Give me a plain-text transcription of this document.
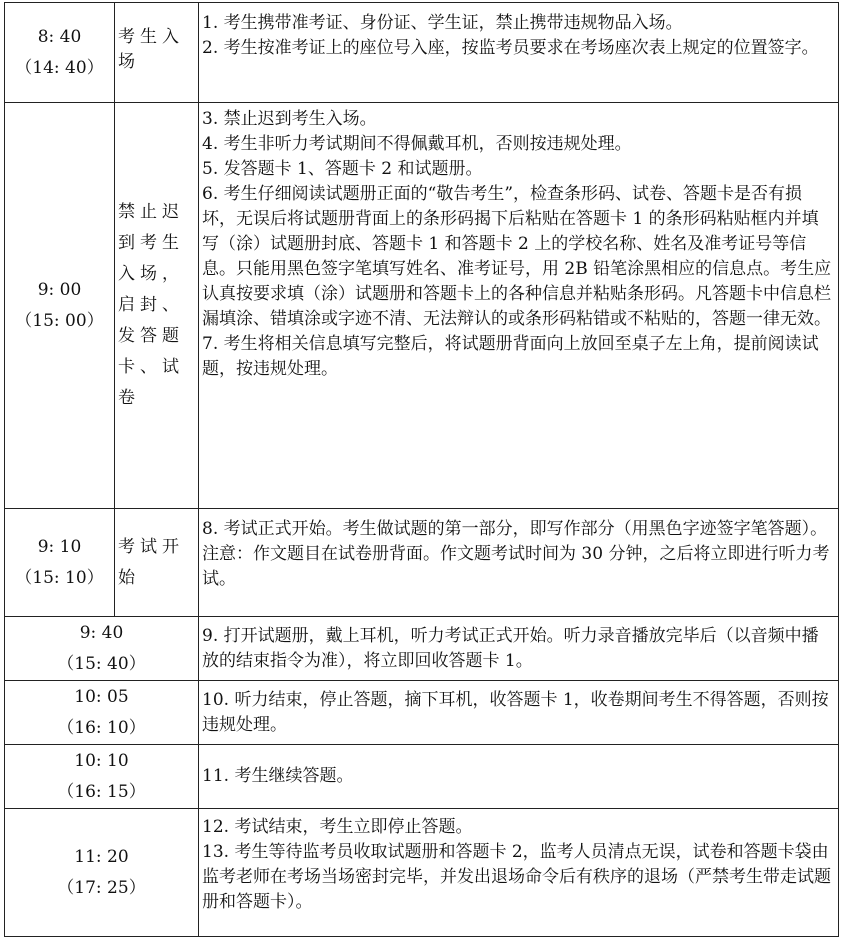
8: 40
（14: 40）	考生入场	1. 考生携带准考证、身份证、学生证，禁止携带违规物品入场。
2. 考生按准考证上的座位号入座，按监考员要求在考场座次表上规定的位置签字。

9: 00
（15: 00）	禁止迟到考生入场，启封、发答题卡、试卷	3. 禁止迟到考生入场。
4. 考生非听力考试期间不得佩戴耳机，否则按违规处理。
5. 发答题卡 1、答题卡 2 和试题册。
6. 考生仔细阅读试题册正面的“敬告考生”，检查条形码、试卷、答题卡是否有损坏，无误后将试题册背面上的条形码揭下后粘贴在答题卡 1 的条形码粘贴框内并填写（涂）试题册封底、答题卡 1 和答题卡 2 上的学校名称、姓名及准考证号等信息。只能用黑色签字笔填写姓名、准考证号，用 2B 铅笔涂黑相应的信息点。考生应认真按要求填（涂）试题册和答题卡上的各种信息并粘贴条形码。凡答题卡中信息栏漏填涂、错填涂或字迹不清、无法辩认的或条形码粘错或不粘贴的，答题一律无效。
7. 考生将相关信息填写完整后，将试题册背面向上放回至桌子左上角，提前阅读试题，按违规处理。

9: 10
（15: 10）	考试开始	8. 考试正式开始。考生做试题的第一部分，即写作部分（用黑色字迹签字笔答题）。注意：作文题目在试卷册背面。作文题考试时间为 30 分钟，之后将立即进行听力考试。

9: 40
（15: 40）		9. 打开试题册，戴上耳机，听力考试正式开始。听力录音播放完毕后（以音频中播放的结束指令为准），将立即回收答题卡 1。

10: 05
（16: 10）		10. 听力结束，停止答题，摘下耳机，收答题卡 1，收卷期间考生不得答题，否则按违规处理。

10: 10
（16: 15）		11. 考生继续答题。

11: 20
（17: 25）		12. 考试结束，考生立即停止答题。
13. 考生等待监考员收取试题册和答题卡 2，监考人员清点无误，试卷和答题卡袋由监考老师在考场当场密封完毕，并发出退场命令后有秩序的退场（严禁考生带走试题册和答题卡）。
